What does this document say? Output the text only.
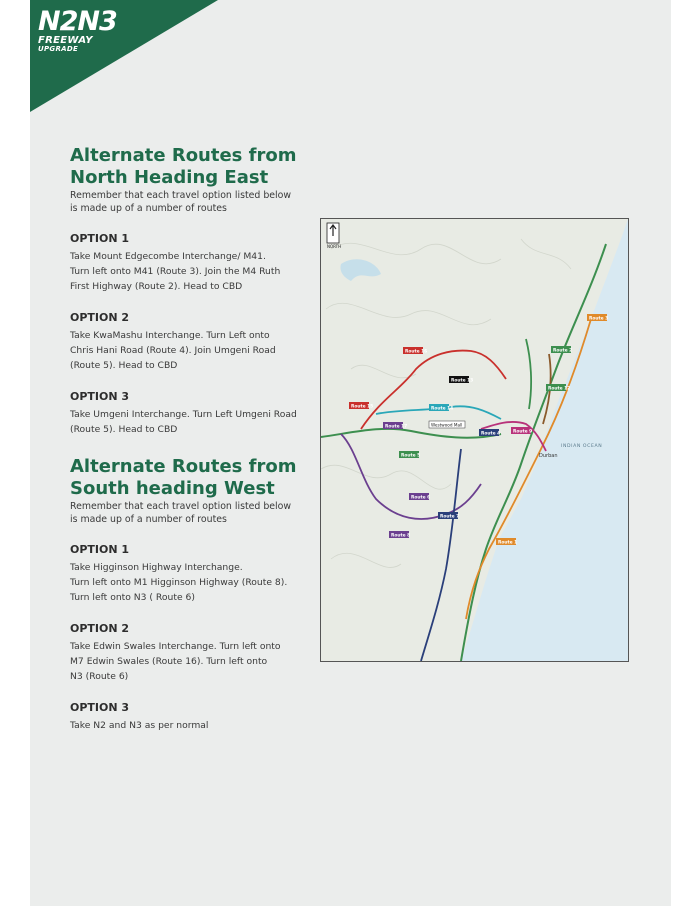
N2N3
FREEWAY
UPGRADE
Alternate Routes from
North Heading East

Remember that each travel option listed below
is made up of a number of routes

OPTION 1

Take Mount Edgecombe Interchange/ M41.
Turn left onto M41 (Route 3). Join the M4 Ruth
First Highway (Route 2). Head to CBD

OPTION 2

Take KwaMashu Interchange. Turn Left onto
Chris Hani Road (Route 4). Join Umgeni Road
(Route 5). Head to CBD

OPTION 3

Take Umgeni Interchange. Turn Left Umgeni Road
(Route 5). Head to CBD

Alternate Routes from
South heading West

Remember that each travel option listed below
is made up of a number of routes

OPTION 1

Take Higginson Highway Interchange.
Turn left onto M1 Higginson Highway (Route 8).
Turn left onto N3 ( Route 6)

OPTION 2

Take Edwin Swales Interchange. Turn left onto
M7 Edwin Swales (Route 16). Turn left onto
N3 (Route 6)

OPTION 3

Take N2 and N3 as per normal

NORTH
Route 3
Route 16
Route 13
Route 2
Route 15	Route 14
Route 17
Route 4
Route 5
Route 6
Route 7
Route 8
Route 9
Route 1
Route 12
Westwood Mall
Durban
INDIAN OCEAN
